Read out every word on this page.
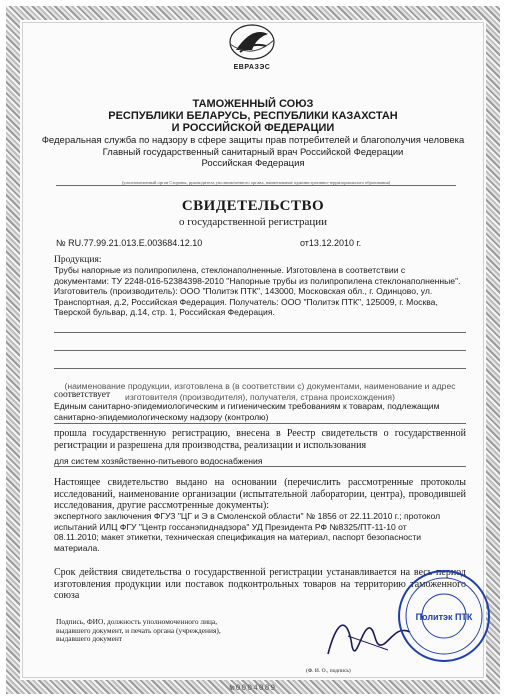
ЕВРАЗЭС
ТАМОЖЕННЫЙ СОЮЗ
РЕСПУБЛИКИ БЕЛАРУСЬ, РЕСПУБЛИКИ КАЗАХСТАН
И РОССИЙСКОЙ ФЕДЕРАЦИИ
Федеральная служба по надзору в сфере защиты прав потребителей и благополучия человека
Главный государственный санитарный врач Российской Федерации
Российская Федерация
(уполномоченный орган Стороны, руководитель уполномоченного органа, наименование административно-территориального образования)
СВИДЕТЕЛЬСТВО
о государственной регистрации
№ RU.77.99.21.013.Е.003684.12.10	от13.12.2010 г.
Продукция:
Трубы напорные из полипропилена, стеклонаполненные. Изготовлена в соответствии с
документами: ТУ 2248-016-52384398-2010 "Напорные трубы из полипропилена стеклонаполненные".
Изготовитель (производитель): ООО "Политэк ПТК", 143000, Московская обл., г. Одинцово, ул.
Транспортная, д.2, Российская Федерация. Получатель: ООО "Политэк ПТК", 125009, г. Москва,
Тверской бульвар, д.14, стр. 1, Российская Федерация.
(наименование продукции, изготовлена в (в соответствии с) документами, наименование и адрес изготовителя (производителя), получателя, страна происхождения)
соответствует
Единым санитарно-эпидемиологическим и гигиеническим требованиям к товарам, подлежащим
санитарно-эпидемиологическому надзору (контролю)
прошла государственную регистрацию, внесена в Реестр свидетельств о государственной регистрации и разрешена для производства, реализации и использования
для систем хозяйственно-питьевого водоснабжения
Настоящее свидетельство выдано на основании (перечислить рассмотренные протоколы исследований, наименование организации (испытательной лаборатории, центра), проводившей исследования, другие рассмотренные документы):
экспертного заключения ФГУЗ "ЦГ и Э в Смоленской области" № 1856 от 22.11.2010 г.; протокол
испытаний ИЛЦ ФГУ "Центр госсанэпиднадзора" УД Президента РФ №8325/ПТ-11-10 от
08.11.2010; макет этикетки, техническая спецификация на материал, паспорт безопасности
материала.
Срок действия свидетельства о государственной регистрации устанавливается на весь период изготовления продукции или поставок подконтрольных товаров на территорию таможенного союза
Подпись, ФИО, должность уполномоченного лица, выдавшего документ, и печать органа (учреждения), выдавшего документ
(Ф. И. О., подпись)
Политэк ПТК
№0004089
